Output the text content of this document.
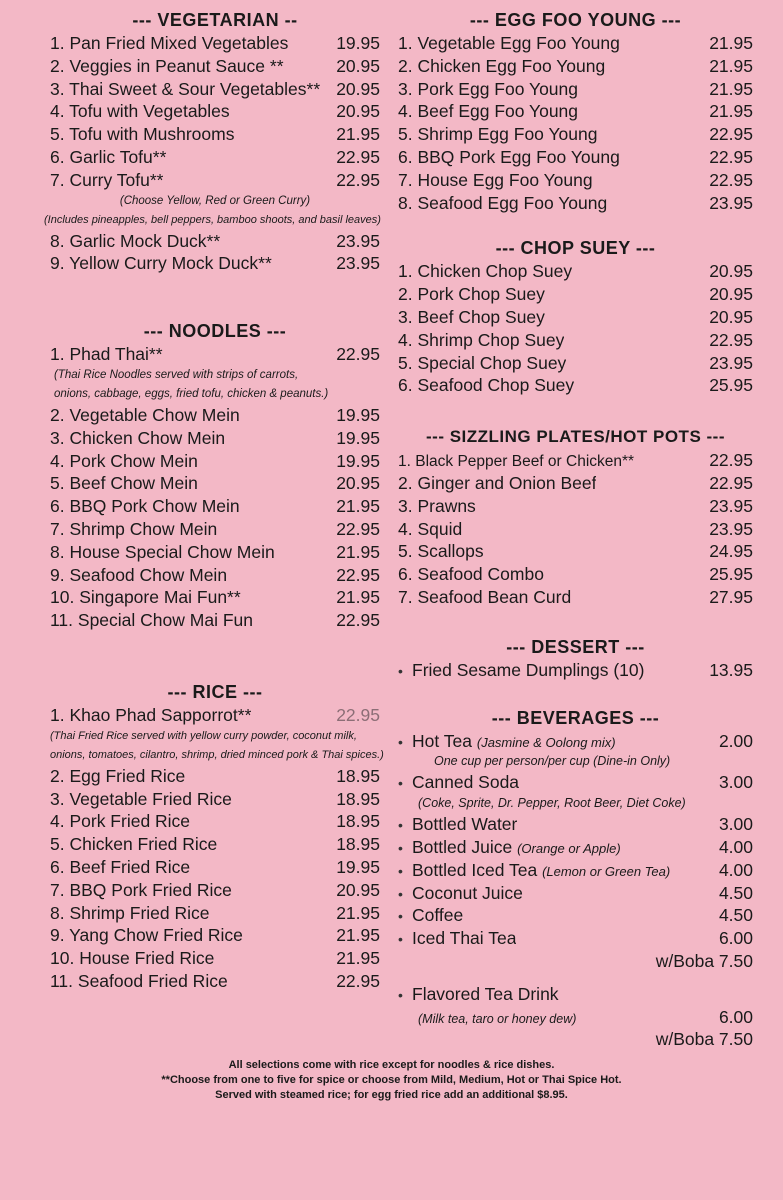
--- VEGETARIAN --
1. Pan Fried Mixed Vegetables	19.95
2. Veggies in Peanut Sauce **	20.95
3. Thai Sweet & Sour Vegetables** 20.95
4. Tofu with Vegetables	20.95
5. Tofu with Mushrooms	21.95
6. Garlic Tofu**	22.95
7. Curry Tofu**	22.95
(Choose Yellow, Red or Green Curry)
(Includes pineapples, bell peppers, bamboo shoots, and basil leaves)
8. Garlic Mock Duck**	23.95
9. Yellow Curry Mock Duck**	23.95
--- NOODLES ---
1. Phad Thai**	22.95
(Thai Rice Noodles served with strips of carrots,
onions, cabbage, eggs, fried tofu, chicken & peanuts.)
2. Vegetable Chow Mein	19.95
3. Chicken Chow Mein	19.95
4. Pork Chow Mein	19.95
5. Beef Chow Mein	20.95
6. BBQ Pork Chow Mein	21.95
7. Shrimp Chow Mein	22.95
8. House Special Chow Mein	21.95
9. Seafood Chow Mein	22.95
10. Singapore Mai Fun**	21.95
11. Special Chow Mai Fun	22.95
--- RICE ---
1. Khao Phad Sapporrot**	22.95
(Thai Fried Rice served with yellow curry powder, coconut milk,
onions, tomatoes, cilantro, shrimp, dried minced pork & Thai spices.)
2. Egg Fried Rice	18.95
3. Vegetable Fried Rice	18.95
4. Pork Fried Rice	18.95
5. Chicken Fried Rice	18.95
6. Beef Fried Rice	19.95
7. BBQ Pork Fried Rice	20.95
8. Shrimp Fried Rice	21.95
9. Yang Chow Fried Rice	21.95
10. House Fried Rice	21.95
11. Seafood Fried Rice	22.95
--- EGG FOO YOUNG ---
1. Vegetable Egg Foo Young	21.95
2. Chicken Egg Foo Young	21.95
3. Pork Egg Foo Young	21.95
4. Beef Egg Foo Young	21.95
5. Shrimp Egg Foo Young	22.95
6. BBQ Pork Egg Foo Young	22.95
7. House Egg Foo Young	22.95
8. Seafood Egg Foo Young	23.95
--- CHOP SUEY ---
1. Chicken Chop Suey	20.95
2. Pork Chop Suey	20.95
3. Beef Chop Suey	20.95
4. Shrimp Chop Suey	22.95
5. Special Chop Suey	23.95
6. Seafood Chop Suey	25.95
--- SIZZLING PLATES/HOT POTS ---
1. Black Pepper Beef or Chicken**	22.95
2. Ginger and Onion Beef	22.95
3. Prawns	23.95
4. Squid	23.95
5. Scallops	24.95
6. Seafood Combo	25.95
7. Seafood Bean Curd	27.95
--- DESSERT ---
• Fried Sesame Dumplings (10)	13.95
--- BEVERAGES ---
• Hot Tea (Jasmine & Oolong mix)	2.00
One cup per person/per cup (Dine-in Only)
• Canned Soda	3.00
(Coke, Sprite, Dr. Pepper, Root Beer, Diet Coke)
• Bottled Water	3.00
• Bottled Juice (Orange or Apple)	4.00
• Bottled Iced Tea (Lemon or Green Tea)	4.00
• Coconut Juice	4.50
• Coffee	4.50
• Iced Thai Tea	6.00
w/Boba 7.50
• Flavored Tea Drink
(Milk tea, taro or honey dew)	6.00
w/Boba 7.50
All selections come with rice except for noodles & rice dishes.
**Choose from one to five for spice or choose from Mild, Medium, Hot or Thai Spice Hot.
Served with steamed rice; for egg fried rice add an additional $8.95.
